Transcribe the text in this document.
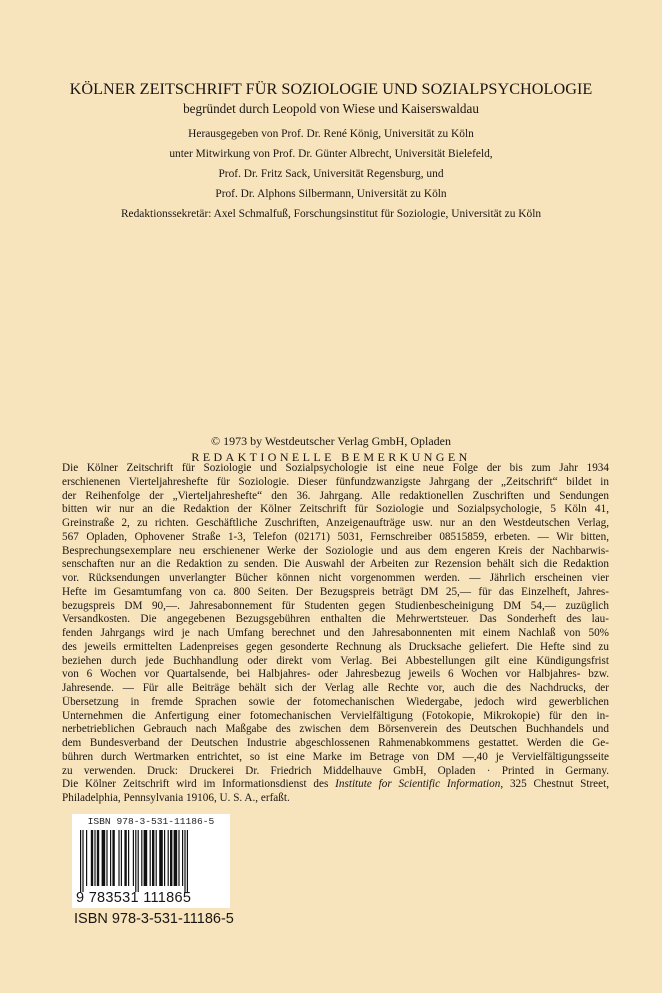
KÖLNER ZEITSCHRIFT FÜR SOZIOLOGIE UND SOZIALPSYCHOLOGIE
begründet durch Leopold von Wiese und Kaiserswaldau
Herausgegeben von Prof. Dr. René König, Universität zu Köln
unter Mitwirkung von Prof. Dr. Günter Albrecht, Universität Bielefeld,
Prof. Dr. Fritz Sack, Universität Regensburg, und
Prof. Dr. Alphons Silbermann, Universität zu Köln
Redaktionssekretär: Axel Schmalfuß, Forschungsinstitut für Soziologie, Universität zu Köln
© 1973 by Westdeutscher Verlag GmbH, Opladen
REDAKTIONELLE BEMERKUNGEN
Die Kölner Zeitschrift für Soziologie und Sozialpsychologie ist eine neue Folge der bis zum Jahr 1934
erschienenen Vierteljahreshefte für Soziologie. Dieser fünfundzwanzigste Jahrgang der „Zeitschrift“ bildet in
der Reihenfolge der „Vierteljahreshefte“ den 36. Jahrgang. Alle redaktionellen Zuschriften und Sendungen
bitten wir nur an die Redaktion der Kölner Zeitschrift für Soziologie und Sozialpsychologie, 5 Köln 41,
Greinstraße 2, zu richten. Geschäftliche Zuschriften, Anzeigenaufträge usw. nur an den Westdeutschen Verlag,
567 Opladen, Ophovener Straße 1-3, Telefon (02171) 5031, Fernschreiber 08515859, erbeten. — Wir bitten,
Besprechungsexemplare neu erschienener Werke der Soziologie und aus dem engeren Kreis der Nachbarwis-
senschaften nur an die Redaktion zu senden. Die Auswahl der Arbeiten zur Rezension behält sich die Redaktion
vor. Rücksendungen unverlangter Bücher können nicht vorgenommen werden. — Jährlich erscheinen vier
Hefte im Gesamtumfang von ca. 800 Seiten. Der Bezugspreis beträgt DM 25,— für das Einzelheft, Jahres-
bezugspreis DM 90,—. Jahresabonnement für Studenten gegen Studienbescheinigung DM 54,— zuzüglich
Versandkosten. Die angegebenen Bezugsgebühren enthalten die Mehrwertsteuer. Das Sonderheft des lau-
fenden Jahrgangs wird je nach Umfang berechnet und den Jahresabonnenten mit einem Nachlaß von 50%
des jeweils ermittelten Ladenpreises gegen gesonderte Rechnung als Drucksache geliefert. Die Hefte sind zu
beziehen durch jede Buchhandlung oder direkt vom Verlag. Bei Abbestellungen gilt eine Kündigungsfrist
von 6 Wochen vor Quartalsende, bei Halbjahres- oder Jahresbezug jeweils 6 Wochen vor Halbjahres- bzw.
Jahresende. — Für alle Beiträge behält sich der Verlag alle Rechte vor, auch die des Nachdrucks, der
Übersetzung in fremde Sprachen sowie der fotomechanischen Wiedergabe, jedoch wird gewerblichen
Unternehmen die Anfertigung einer fotomechanischen Vervielfältigung (Fotokopie, Mikrokopie) für den in-
nerbetrieblichen Gebrauch nach Maßgabe des zwischen dem Börsenverein des Deutschen Buchhandels und
dem Bundesverband der Deutschen Industrie abgeschlossenen Rahmenabkommens gestattet. Werden die Ge-
bühren durch Wertmarken entrichtet, so ist eine Marke im Betrage von DM —,40 je Vervielfältigungsseite
zu verwenden. Druck: Druckerei Dr. Friedrich Middelhauve GmbH, Opladen · Printed in Germany.
Die Kölner Zeitschrift wird im Informationsdienst des Institute for Scientific Information, 325 Chestnut Street,
Philadelphia, Pennsylvania 19106, U. S. A., erfaßt.
ISBN 978-3-531-11186-5
9 783531 111865
ISBN 978-3-531-11186-5
